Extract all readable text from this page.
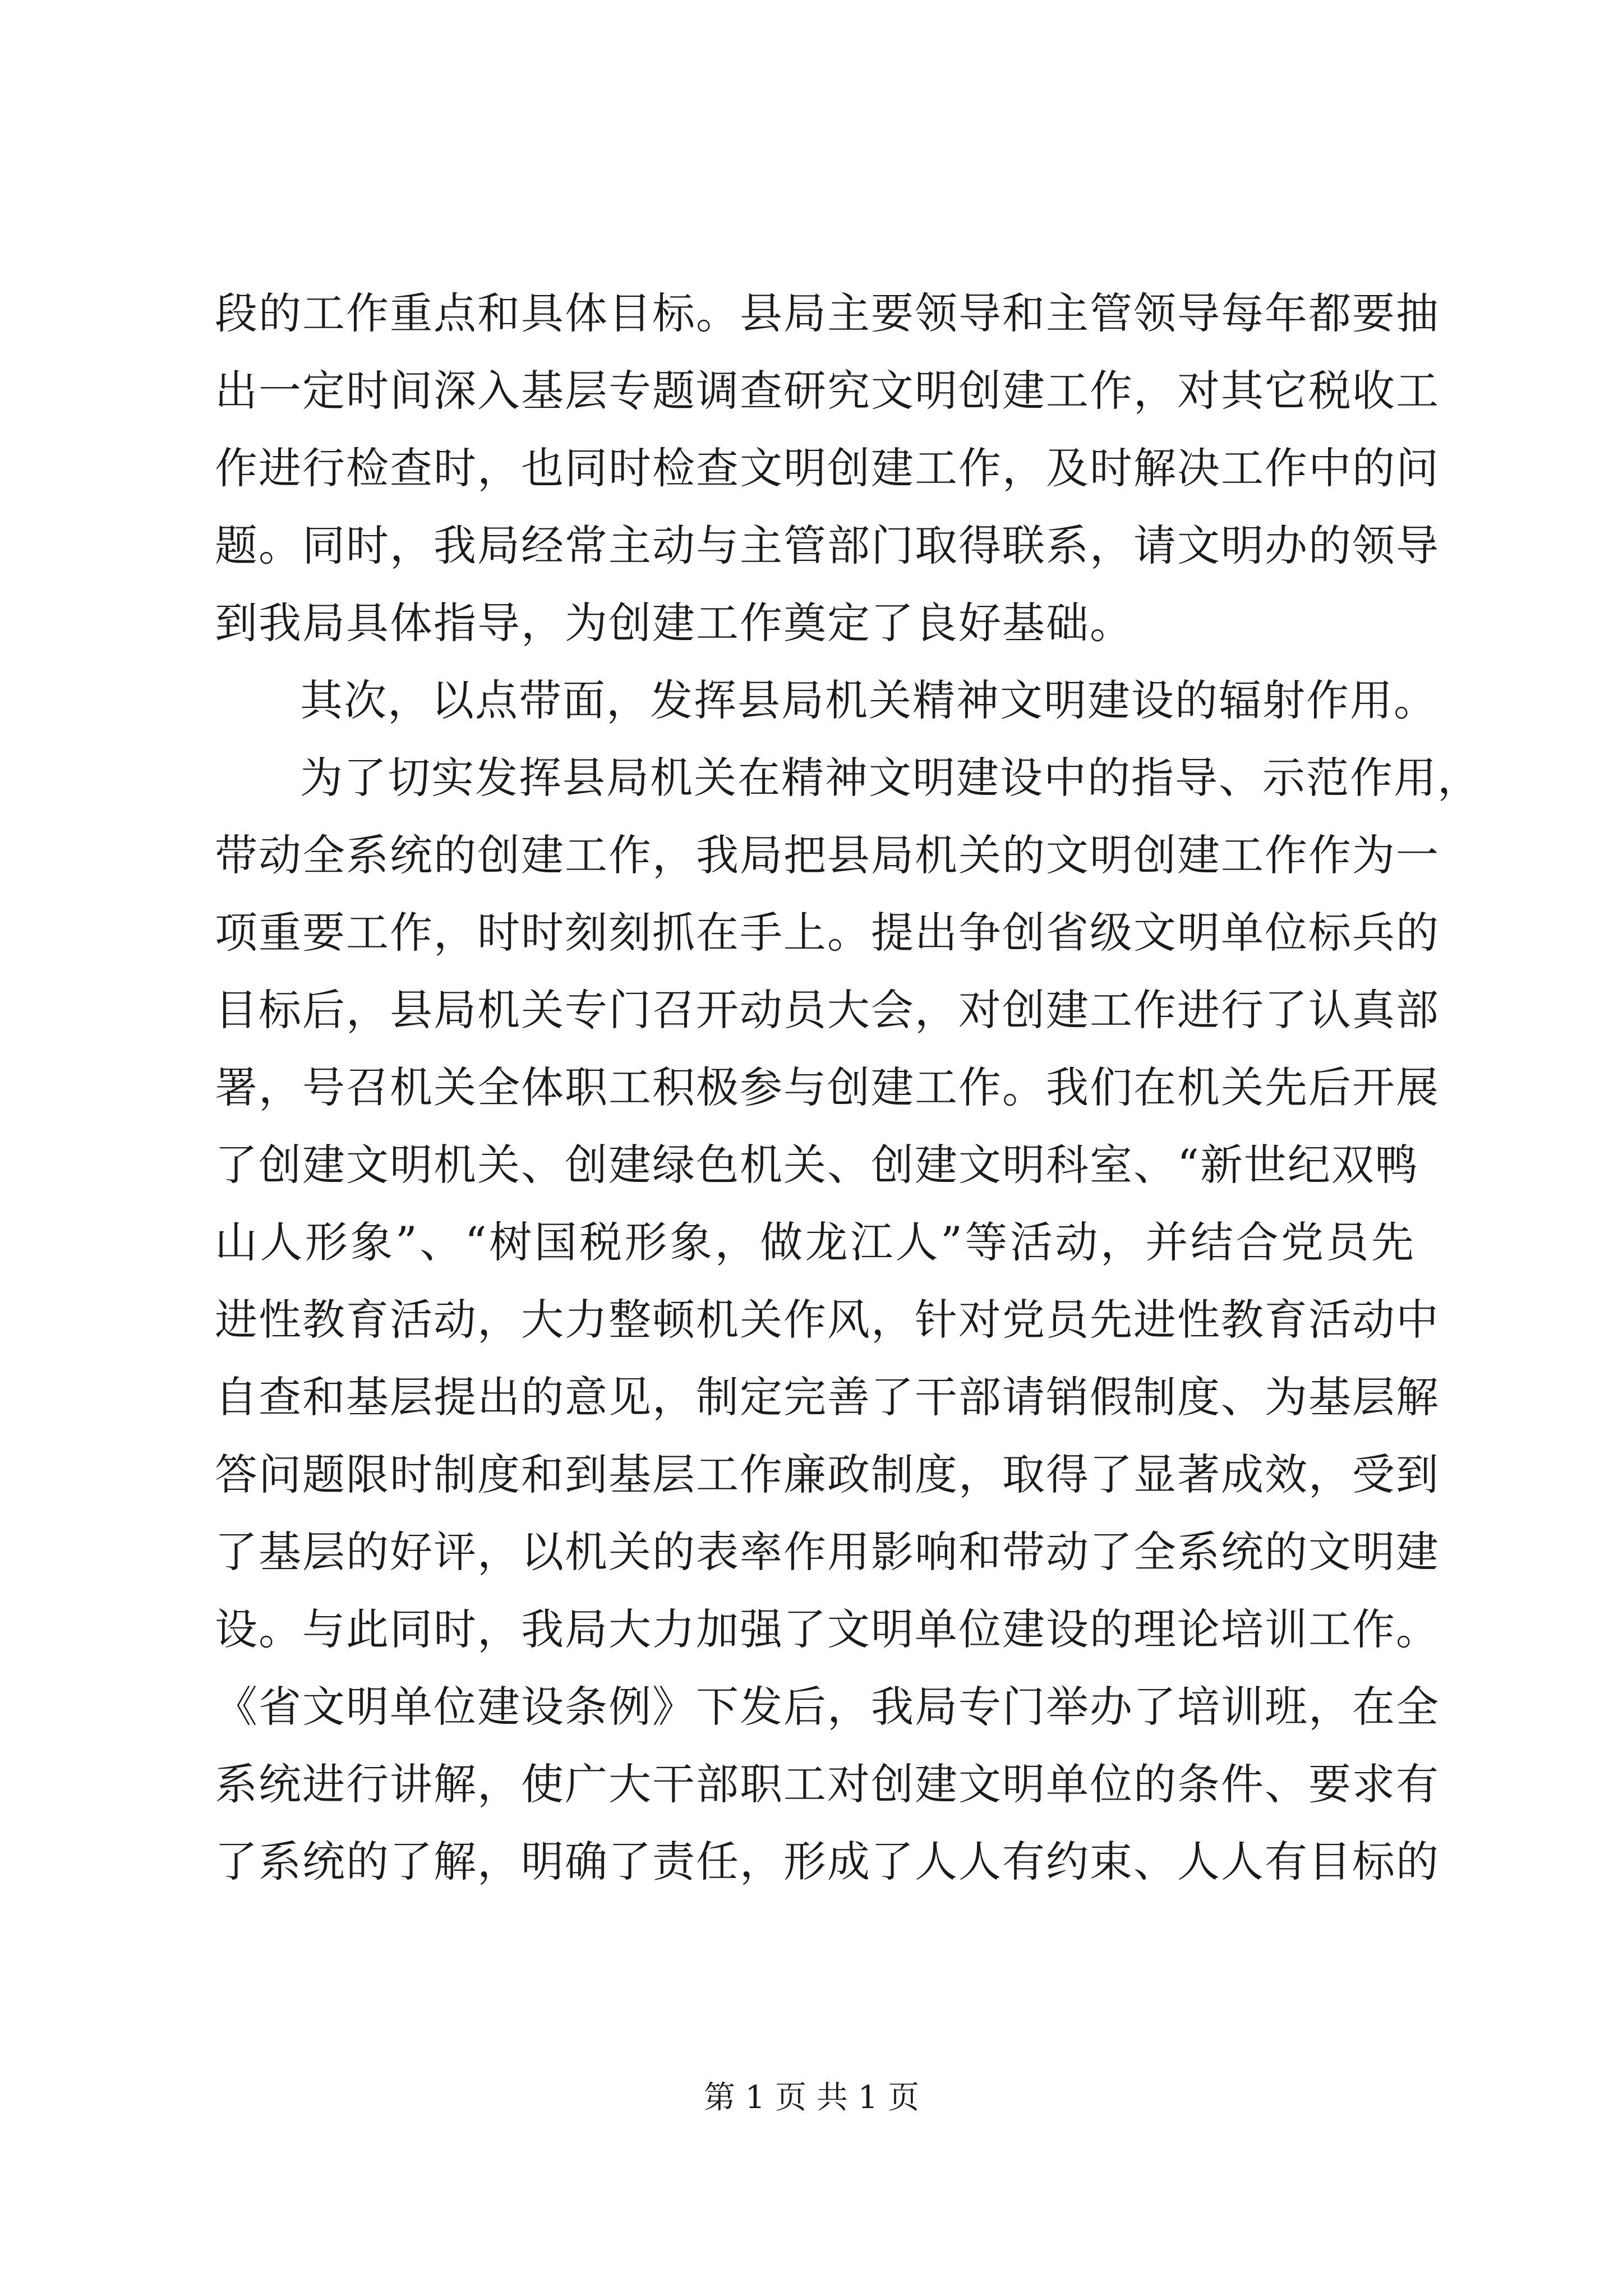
段的工作重点和具体目标。县局主要领导和主管领导每年都要抽
出一定时间深入基层专题调查研究文明创建工作，对其它税收工
作进行检查时，也同时检查文明创建工作，及时解决工作中的问
题。同时，我局经常主动与主管部门取得联系，请文明办的领导
到我局具体指导，为创建工作奠定了良好基础。
其次，以点带面，发挥县局机关精神文明建设的辐射作用。
为了切实发挥县局机关在精神文明建设中的指导、示范作用，
带动全系统的创建工作，我局把县局机关的文明创建工作作为一
项重要工作，时时刻刻抓在手上。提出争创省级文明单位标兵的
目标后，县局机关专门召开动员大会，对创建工作进行了认真部
署，号召机关全体职工积极参与创建工作。我们在机关先后开展
了创建文明机关、创建绿色机关、创建文明科室、“新世纪双鸭
山人形象”、“树国税形象，做龙江人”等活动，并结合党员先
进性教育活动，大力整顿机关作风，针对党员先进性教育活动中
自查和基层提出的意见，制定完善了干部请销假制度、为基层解
答问题限时制度和到基层工作廉政制度，取得了显著成效，受到
了基层的好评，以机关的表率作用影响和带动了全系统的文明建
设。与此同时，我局大力加强了文明单位建设的理论培训工作。
《省文明单位建设条例》下发后，我局专门举办了培训班，在全
系统进行讲解，使广大干部职工对创建文明单位的条件、要求有
了系统的了解，明确了责任，形成了人人有约束、人人有目标的
第 1 页 共 1 页
